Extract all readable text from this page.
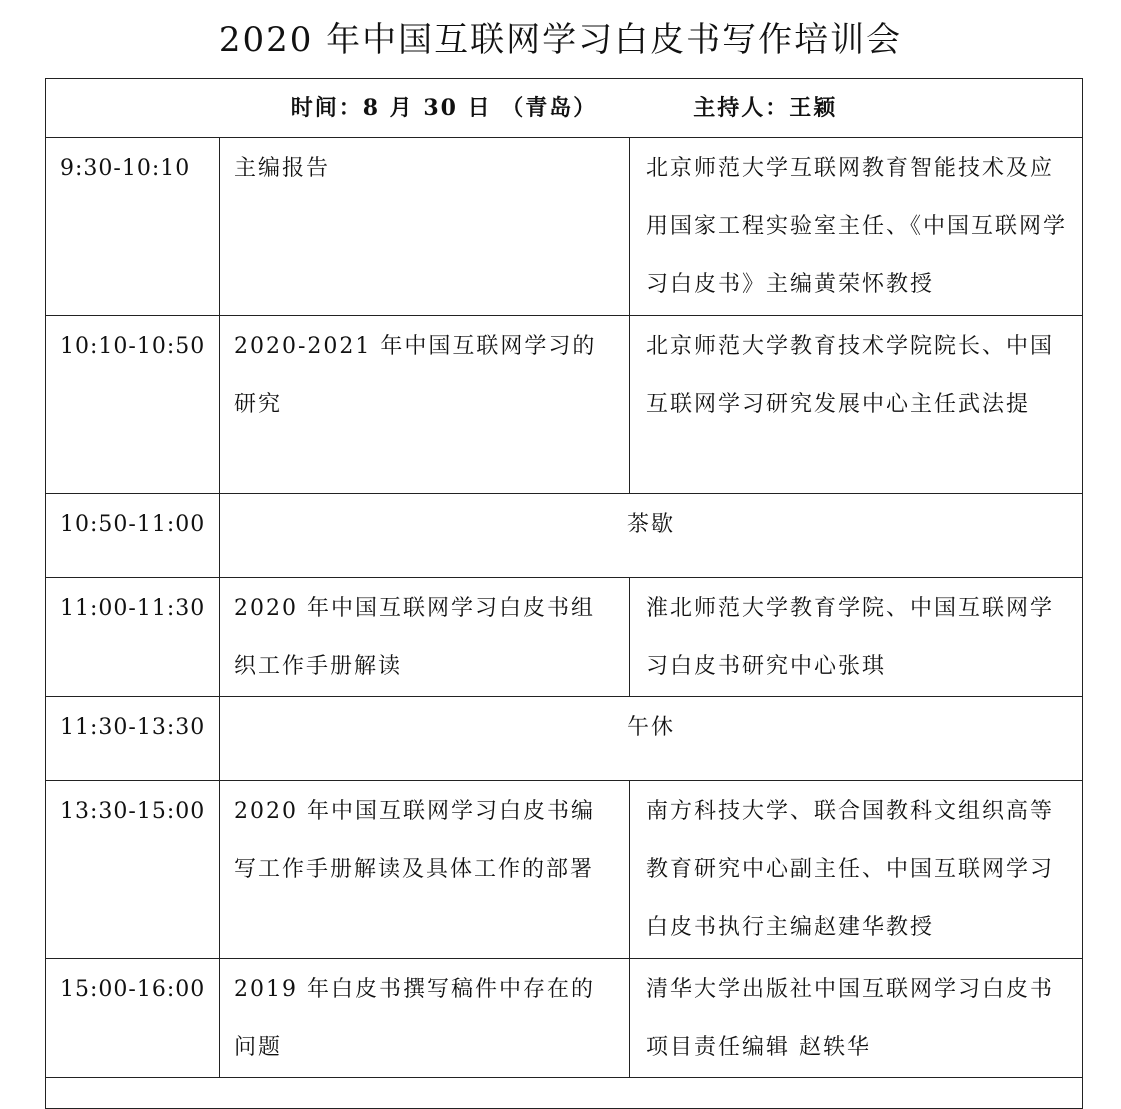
2020 年中国互联网学习白皮书写作培训会
时间：8 月 30 日 （青岛） 主持人：王颖		
9:30-10:10	主编报告	北京师范大学互联网教育智能技术及应用国家工程实验室主任、《中国互联网学习白皮书》主编黄荣怀教授
10:10-10:50	2020-2021 年中国互联网学习的研究	北京师范大学教育技术学院院长、中国互联网学习研究发展中心主任武法提
10:50-11:00	茶歇	
11:00-11:30	2020 年中国互联网学习白皮书组织工作手册解读	淮北师范大学教育学院、中国互联网学习白皮书研究中心张琪
11:30-13:30	午休	
13:30-15:00	2020 年中国互联网学习白皮书编写工作手册解读及具体工作的部署	南方科技大学、联合国教科文组织高等教育研究中心副主任、中国互联网学习白皮书执行主编赵建华教授
15:00-16:00	2019 年白皮书撰写稿件中存在的问题	清华大学出版社中国互联网学习白皮书项目责任编辑 赵轶华
